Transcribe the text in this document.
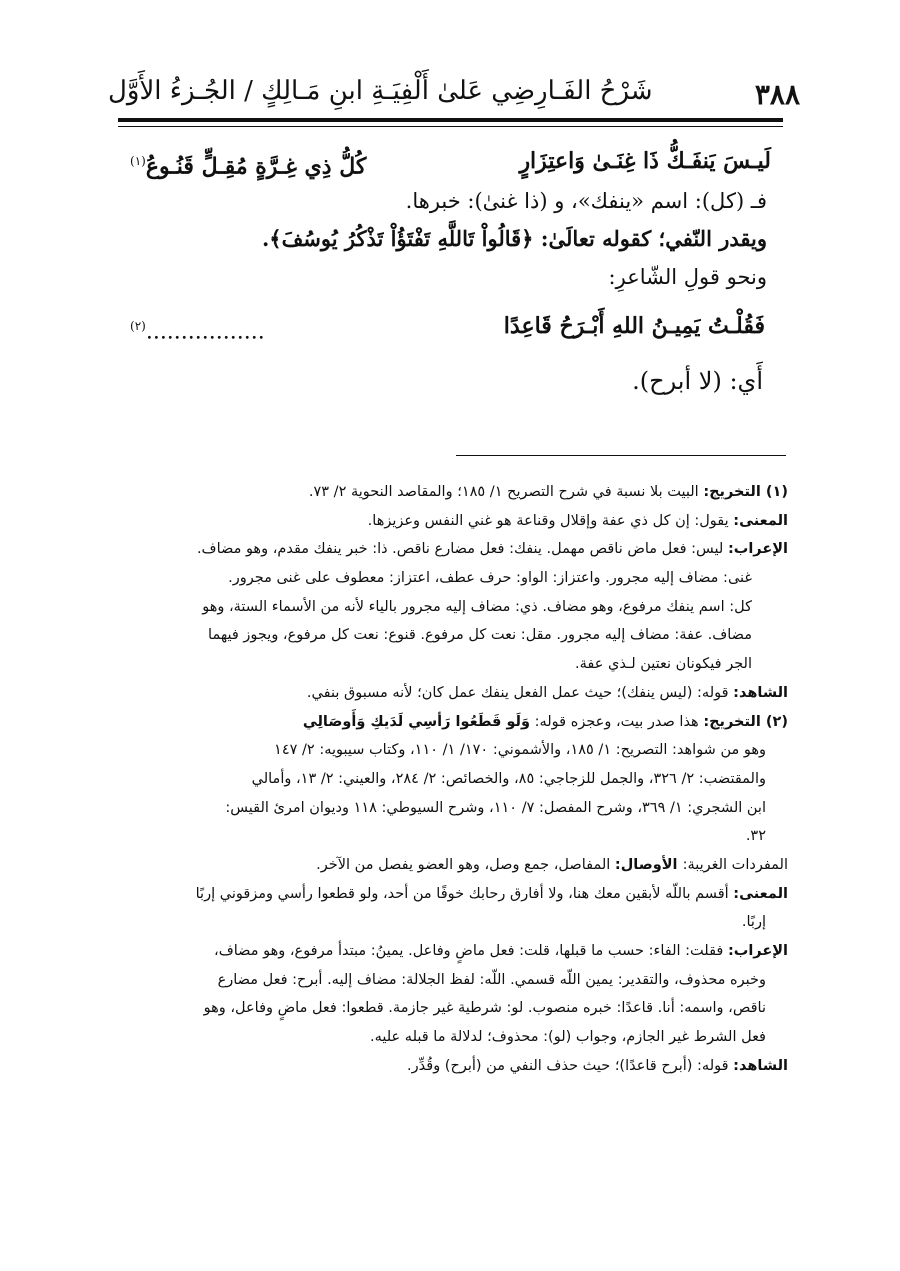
٣٨٨
شَرْحُ الفَـارِضِي عَلىٰ أَلْفِيَـةِ ابنِ مَـالِكٍ / الجُـزءُ الأَوَّل
لَيـسَ يَنفَـكُّ ذَا غِنَـىٰ وَاعتِزَارٍ
كُلُّ ذِي غِـرَّةٍ مُقِـلٍّ قَنُـوعُ$^{(١)}$
فـ (كل): اسم «ينفك»، و (ذا غنىٰ): خبرها.
ويقدر النّفي؛ كقوله تعالَىٰ: ﴿قَالُواْ تَاللَّهِ تَفْتَؤُاْ تَذْكُرُ يُوسُفَ﴾.
ونحو قولِ الشّاعرِ:
فَقُلْـتُ يَمِيـنُ اللهِ أَبْـرَحُ قَاعِدًا
.................$^{(٢)}$
أَي: (لا أبرح).
(١) التخريج: البيت بلا نسبة في شرح التصريح ١/ ١٨٥؛ والمقاصد النحوية ٢/ ٧٣.
المعنى: يقول: إن كل ذي عفة وإقلال وقناعة هو غني النفس وعزيزها.
الإعراب: ليس: فعل ماض ناقص مهمل. ينفك: فعل مضارع ناقص. ذا: خبر ينفك مقدم، وهو مضاف.
غنى: مضاف إليه مجرور. واعتزاز: الواو: حرف عطف، اعتزاز: معطوف على غنى مجرور.
كل: اسم ينفك مرفوع، وهو مضاف. ذي: مضاف إليه مجرور بالياء لأنه من الأسماء الستة، وهو
مضاف. عفة: مضاف إليه مجرور. مقل: نعت كل مرفوع. قنوع: نعت كل مرفوع، ويجوز فيهما
الجر فيكونان نعتين لـذي عفة.
الشاهد: قوله: (ليس ينفك)؛ حيث عمل الفعل ينفك عمل كان؛ لأنه مسبوق بنفي.
(٢) التخريج: هذا صدر بيت، وعجزه قوله: وَلَو قَطَعُوا رَأسِي لَدَيكِ وَأَوصَالِي
وهو من شواهد: التصريح: ١/ ١٨٥، والأشموني: ١٧٠/ ١/ ١١٠، وكتاب سيبويه: ٢/ ١٤٧
والمقتضب: ٢/ ٣٢٦، والجمل للزجاجي: ٨٥، والخصائص: ٢/ ٢٨٤، والعيني: ٢/ ١٣، وأمالي
ابن الشجري: ١/ ٣٦٩، وشرح المفصل: ٧/ ١١٠، وشرح السيوطي: ١١٨ وديوان امرئ القيس:
٣٢.
المفردات الغريبة: الأوصال: المفاصل، جمع وصل، وهو العضو يفصل من الآخر.
المعنى: أقسم باللّه لأبقين معك هنا، ولا أفارق رحابك خوفًا من أحد، ولو قطعوا رأسي ومزقوني إربًا
إربًا.
الإعراب: فقلت: الفاء: حسب ما قبلها، قلت: فعل ماضٍ وفاعل. يمينُ: مبتدأ مرفوع، وهو مضاف،
وخبره محذوف، والتقدير: يمين اللّه قسمي. اللّه: لفظ الجلالة: مضاف إليه. أبرح: فعل مضارع
ناقص، واسمه: أنا. قاعدًا: خبره منصوب. لو: شرطية غير جازمة. قطعوا: فعل ماضٍ وفاعل، وهو
فعل الشرط غير الجازم، وجواب (لو): محذوف؛ لدلالة ما قبله عليه.
الشاهد: قوله: (أبرح قاعدًا)؛ حيث حذف النفي من (أبرح) وقُدِّر.
